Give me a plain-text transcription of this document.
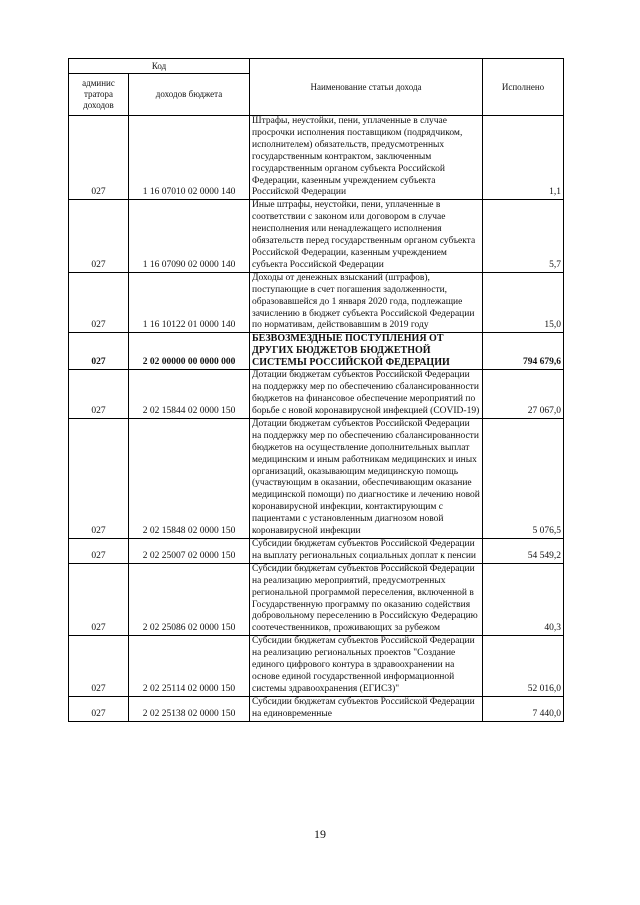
Код		Наименование статьи дохода	Исполнено
админис тратора доходов	доходов бюджета		
027	1 16 07010 02 0000 140	Штрафы, неустойки, пени, уплаченные в случае просрочки исполнения поставщиком (подрядчиком, исполнителем) обязательств, предусмотренных государственным контрактом, заключенным государственным органом субъекта Российской Федерации, казенным учреждением субъекта Российской Федерации	1,1
027	1 16 07090 02 0000 140	Иные штрафы, неустойки, пени, уплаченные в соответствии с законом или договором в случае неисполнения или ненадлежащего исполнения обязательств перед государственным органом субъекта Российской Федерации, казенным учреждением субъекта Российской Федерации	5,7
027	1 16 10122 01 0000 140	Доходы от денежных взысканий (штрафов), поступающие в счет погашения задолженности, образовавшейся до 1 января 2020 года, подлежащие зачислению в бюджет субъекта Российской Федерации по нормативам, действовавшим в 2019 году	15,0
027	2 02 00000 00 0000 000	БЕЗВОЗМЕЗДНЫЕ ПОСТУПЛЕНИЯ ОТ ДРУГИХ БЮДЖЕТОВ БЮДЖЕТНОЙ СИСТЕМЫ РОССИЙСКОЙ ФЕДЕРАЦИИ	794 679,6
027	2 02 15844 02 0000 150	Дотации бюджетам субъектов Российской Федерации на поддержку мер по обеспечению сбалансированности бюджетов на финансовое обеспечение мероприятий по борьбе с новой коронавирусной инфекцией (COVID-19)	27 067,0
027	2 02 15848 02 0000 150	Дотации бюджетам субъектов Российской Федерации на поддержку мер по обеспечению сбалансированности бюджетов на осуществление дополнительных выплат медицинским и иным работникам медицинских и иных организаций, оказывающим медицинскую помощь (участвующим в оказании, обеспечивающим оказание медицинской помощи) по диагностике и лечению новой коронавирусной инфекции, контактирующим с пациентами с установленным диагнозом новой коронавирусной инфекции	5 076,5
027	2 02 25007 02 0000 150	Субсидии бюджетам субъектов Российской Федерации на выплату региональных социальных доплат к пенсии	54 549,2
027	2 02 25086 02 0000 150	Субсидии бюджетам субъектов Российской Федерации на реализацию мероприятий, предусмотренных региональной программой переселения, включенной в Государственную программу по оказанию содействия добровольному переселению в Российскую Федерацию соотечественников, проживающих за рубежом	40,3
027	2 02 25114 02 0000 150	Субсидии бюджетам субъектов Российской Федерации на реализацию региональных проектов "Создание единого цифрового контура в здравоохранении на основе единой государственной информационной системы здравоохранения (ЕГИСЗ)"	52 016,0
027	2 02 25138 02 0000 150	Субсидии бюджетам субъектов Российской Федерации на единовременные	7 440,0
19
